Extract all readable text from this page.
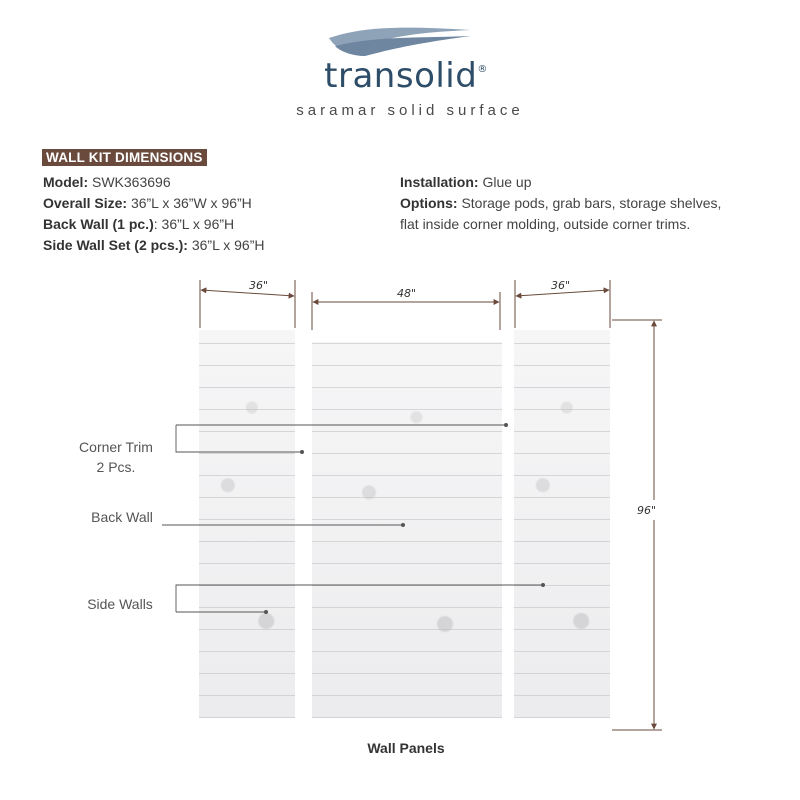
transolid®
saramar solid surface
WALL KIT DIMENSIONS
Model: SWK363696
Overall Size: 36”L x 36”W x 96”H
Back Wall (1 pc.): 36”L x 96”H
Side Wall Set (2 pcs.): 36”L x 96”H
Installation: Glue up
Options: Storage pods, grab bars, storage shelves, flat inside corner molding, outside corner trims.
36"
48"
36"
96"
Corner Trim
2 Pcs.
Back Wall
Side Walls
Wall Panels
